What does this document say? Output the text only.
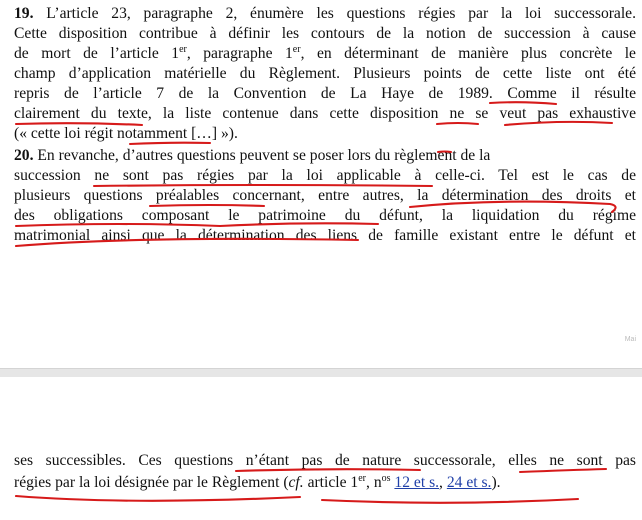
19. L’article 23, paragraphe 2, énumère les questions régies par la loi successorale.
Cette disposition contribue à définir les contours de la notion de succession à cause
de mort de l’article 1er, paragraphe 1er, en déterminant de manière plus concrète le
champ d’application matérielle du Règlement. Plusieurs points de cette liste ont été
repris de l’article 7 de la Convention de La Haye de 1989. Comme il résulte
clairement du texte, la liste contenue dans cette disposition ne se veut pas exhaustive
(« cette loi régit notamment […] »).
20. En revanche, d’autres questions peuvent se poser lors du règlement de la
succession ne sont pas régies par la loi applicable à celle-ci. Tel est le cas de
plusieurs questions préalables concernant, entre autres, la détermination des droits et
des obligations composant le patrimoine du défunt, la liquidation du régime
matrimonial ainsi que la détermination des liens de famille existant entre le défunt et
Mai
ses successibles. Ces questions n’étant pas de nature successorale, elles ne sont pas
régies par la loi désignée par le Règlement (cf. article 1er, $n^{os}$ 12 et s., 24 et s.).
